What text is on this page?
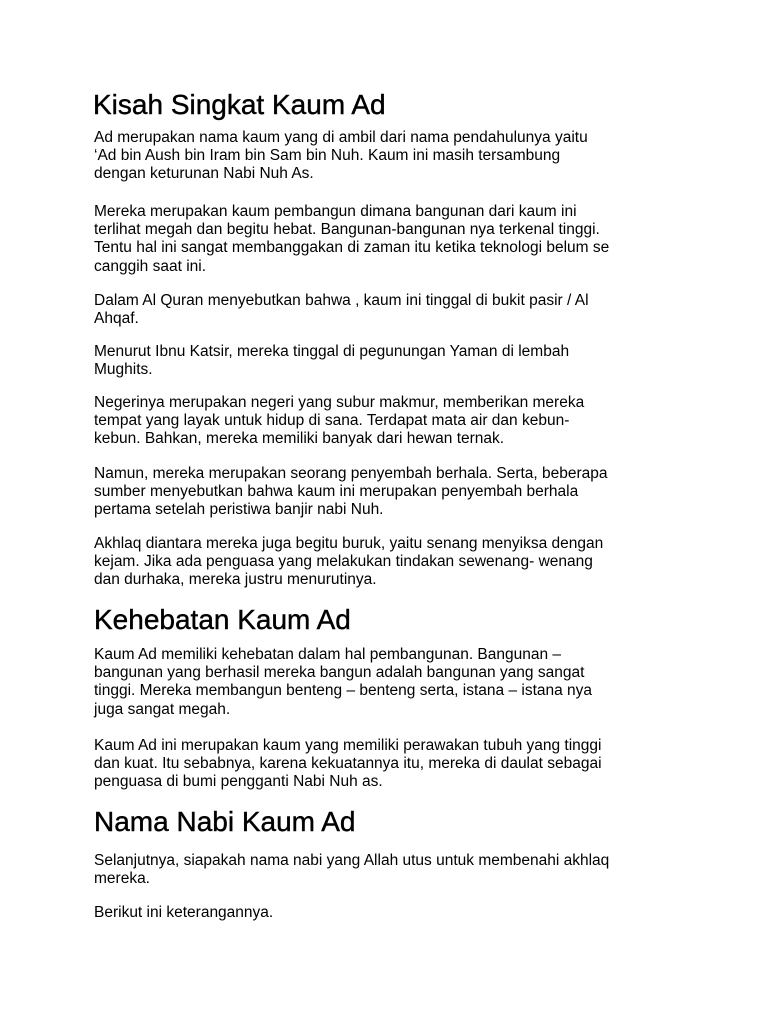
Kisah Singkat Kaum Ad

Ad merupakan nama kaum yang di ambil dari nama pendahulunya yaitu
‘Ad bin Aush bin Iram bin Sam bin Nuh. Kaum ini masih tersambung
dengan keturunan Nabi Nuh As.

Mereka merupakan kaum pembangun dimana bangunan dari kaum ini
terlihat megah dan begitu hebat. Bangunan-bangunan nya terkenal tinggi.
Tentu hal ini sangat membanggakan di zaman itu ketika teknologi belum se
canggih saat ini.

Dalam Al Quran menyebutkan bahwa , kaum ini tinggal di bukit pasir / Al
Ahqaf.

Menurut Ibnu Katsir, mereka tinggal di pegunungan Yaman di lembah
Mughits.

Negerinya merupakan negeri yang subur makmur, memberikan mereka
tempat yang layak untuk hidup di sana. Terdapat mata air dan kebun-
kebun. Bahkan, mereka memiliki banyak dari hewan ternak.

Namun, mereka merupakan seorang penyembah berhala. Serta, beberapa
sumber menyebutkan bahwa kaum ini merupakan penyembah berhala
pertama setelah peristiwa banjir nabi Nuh.

Akhlaq diantara mereka juga begitu buruk, yaitu senang menyiksa dengan
kejam. Jika ada penguasa yang melakukan tindakan sewenang- wenang
dan durhaka, mereka justru menurutinya.

Kehebatan Kaum Ad

Kaum Ad memiliki kehebatan dalam hal pembangunan. Bangunan –
bangunan yang berhasil mereka bangun adalah bangunan yang sangat
tinggi. Mereka membangun benteng – benteng serta, istana – istana nya
juga sangat megah.

Kaum Ad ini merupakan kaum yang memiliki perawakan tubuh yang tinggi
dan kuat. Itu sebabnya, karena kekuatannya itu, mereka di daulat sebagai
penguasa di bumi pengganti Nabi Nuh as.

Nama Nabi Kaum Ad

Selanjutnya, siapakah nama nabi yang Allah utus untuk membenahi akhlaq
mereka.

Berikut ini keterangannya.
